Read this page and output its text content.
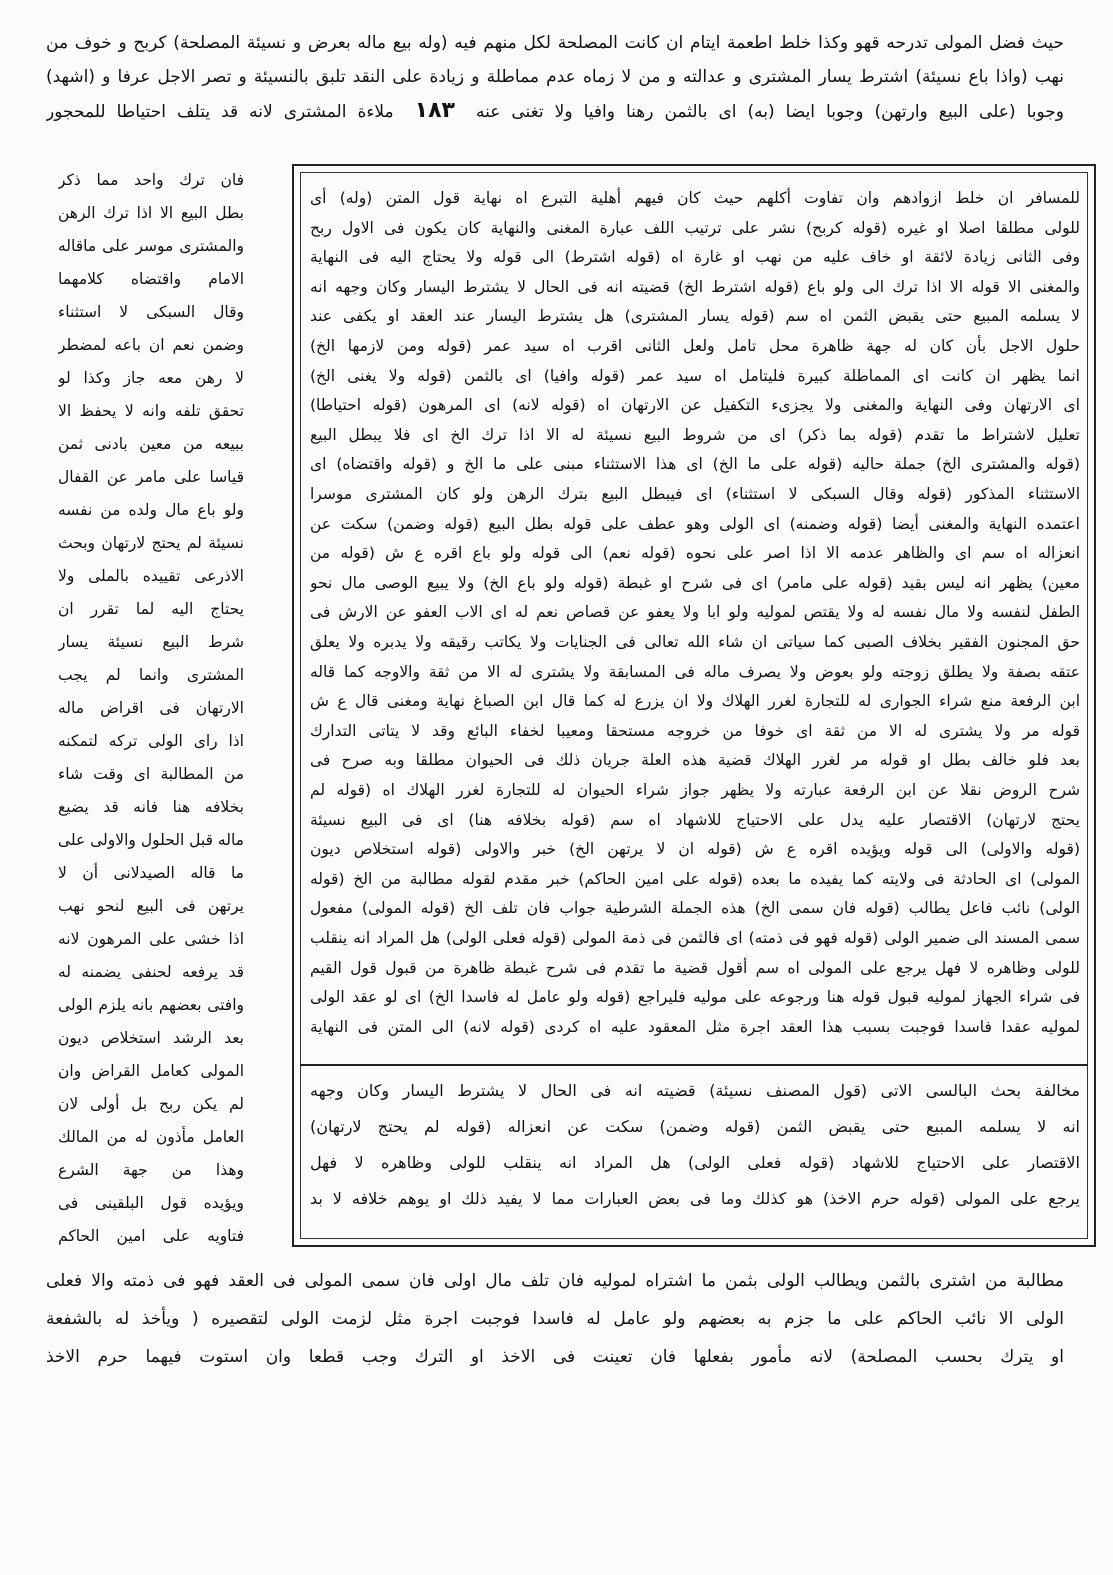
حيث فضل المولى تدرحه قهو وكذا خلط اطعمة ايتام ان كانت المصلحة لكل منهم فيه (وله بيع ماله بعرض و نسيئة المصلحة) كربح و خوف من
نهب (واذا باع نسيئة) اشترط يسار المشترى و عدالته و من لا زماه عدم مماطلة و زيادة على النقد تلبق بالنسيئة و تصر الاجل عرفا و (اشهد)
وجوبا (على البيع وارتهن) وجوبا ايضا (به) اى بالثمن رهنا وافيا ولا تغنى عنه ١٨٣ ملاءة المشترى لانه قد يتلف احتياطا للمحجور
فان ترك واحد مما ذكر
بطل البيع الا اذا ترك الرهن
والمشترى موسر على ماقاله
الامام واقتضاه كلامهما
وقال السبكى لا استثناء
وضمن نعم ان باعه لمضطر
لا رهن معه جاز وكذا لو
تحقق تلفه وانه لا يحفظ الا
ببيعه من معين بادنى ثمن
قياسا على مامر عن القفال
ولو باع مال ولده من نفسه
نسيئة لم يحتج لارتهان وبحث
الاذرعى تقييده بالملى ولا
يحتاج اليه لما تقرر ان
شرط البيع نسيئة يسار
المشترى وانما لم يجب
الارتهان فى اقراض ماله
اذا راى الولى تركه لتمكنه
من المطالبة اى وقت شاء
بخلافه هنا فانه قد يضيع
ماله قبل الحلول والاولى على
ما قاله الصيدلانى أن لا
يرتهن فى البيع لنحو نهب
اذا خشى على المرهون لانه
قد يرفعه لحنفى يضمنه له
وافتى بعضهم بانه يلزم الولى
بعد الرشد استخلاص ديون
المولى كعامل القراض وان
لم يكن ربح بل أولى لان
العامل مأذون له من المالك
وهذا من جهة الشرع
ويؤيده قول البلقينى فى
فتاويه على امين الحاكم
للمسافر ان خلط ازوادهم وان تفاوت أكلهم حيث كان فيهم أهلية التبرع اه نهاية قول المتن (وله) أى
للولى مطلقا اصلا او غيره (قوله كربح) نشر على ترتيب اللف عبارة المغنى والنهاية كان يكون فى الاول ربح
وفى الثانى زيادة لائقة او خاف عليه من نهب او غارة اه (قوله اشترط) الى قوله ولا يحتاج اليه فى النهاية
والمغنى الا قوله الا اذا ترك الى ولو باع (قوله اشترط الخ) قضيته انه فى الحال لا يشترط اليسار وكان وجهه انه
لا يسلمه المبيع حتى يقبض الثمن اه سم (قوله يسار المشترى) هل يشترط اليسار عند العقد او يكفى عند
حلول الاجل بأن كان له جهة ظاهرة محل تامل ولعل الثانى اقرب اه سيد عمر (قوله ومن لازمها الخ)
انما يظهر ان كانت اى المماطلة كبيرة فليتامل اه سيد عمر (قوله وافيا) اى بالثمن (قوله ولا يغنى الخ)
اى الارتهان وفى النهاية والمغنى ولا يجزىء التكفيل عن الارتهان اه (قوله لانه) اى المرهون (قوله احتياطا)
تعليل لاشتراط ما تقدم (قوله بما ذكر) اى من شروط البيع نسيئة له الا اذا ترك الخ اى فلا يبطل البيع
(قوله والمشترى الخ) جملة حاليه (قوله على ما الخ) اى هذا الاستثناء مبنى على ما الخ و (قوله واقتضاه) اى
الاستثناء المذكور (قوله وقال السبكى لا استثناء) اى فيبطل البيع بترك الرهن ولو كان المشترى موسرا
اعتمده النهاية والمغنى أيضا (قوله وضمنه) اى الولى وهو عطف على قوله بطل البيع (قوله وضمن) سكت عن
انعزاله اه سم اى والظاهر عدمه الا اذا اصر على نحوه (قوله نعم) الى قوله ولو باع اقره ع ش (قوله من
معين) يظهر انه ليس بقيد (قوله على مامر) اى فى شرح او غبطة (قوله ولو باع الخ) ولا يبيع الوصى مال نحو
الطفل لنفسه ولا مال نفسه له ولا يقتص لموليه ولو ابا ولا يعفو عن قصاص نعم له اى الاب العفو عن الارش فى
حق المجنون الفقير بخلاف الصبى كما سياتى ان شاء الله تعالى فى الجنايات ولا يكاتب رقيقه ولا يدبره ولا يعلق
عتقه بصفة ولا يطلق زوجته ولو بعوض ولا يصرف ماله فى المسابقة ولا يشترى له الا من ثقة والاوجه كما قاله
ابن الرفعة منع شراء الجوارى له للتجارة لغرر الهلاك ولا ان يزرع له كما قال ابن الصباغ نهاية ومغنى قال ع ش
قوله مر ولا يشترى له الا من ثقة اى خوفا من خروجه مستحقا ومعيبا لخفاء البائع وقد لا يتاتى التدارك
بعد فلو خالف بطل او قوله مر لغرر الهلاك قضية هذه العلة جريان ذلك فى الحيوان مطلقا وبه صرح فى
شرح الروض نقلا عن ابن الرفعة عبارته ولا يظهر جواز شراء الحيوان له للتجارة لغرر الهلاك اه (قوله لم
يحتج لارتهان) الاقتصار عليه يدل على الاحتياج للاشهاد اه سم (قوله بخلافه هنا) اى فى البيع نسيئة
(قوله والاولى) الى قوله ويؤيده اقره ع ش (قوله ان لا يرتهن الخ) خبر والاولى (قوله استخلاص ديون
المولى) اى الحادثة فى ولايته كما يفيده ما بعده (قوله على امين الحاكم) خبر مقدم لقوله مطالبة من الخ (قوله
الولى) نائب فاعل يطالب (قوله فان سمى الخ) هذه الجملة الشرطية جواب فان تلف الخ (قوله المولى) مفعول
سمى المسند الى ضمير الولى (قوله فهو فى ذمته) اى فالثمن فى ذمة المولى (قوله فعلى الولى) هل المراد انه ينقلب
للولى وظاهره لا فهل يرجع على المولى اه سم أقول قضية ما تقدم فى شرح غبطة ظاهرة من قبول قول القيم
فى شراء الجهاز لموليه قبول قوله هنا ورجوعه على موليه فليراجع (قوله ولو عامل له فاسدا الخ) اى لو عقد الولى
لموليه عقدا فاسدا فوجبت بسبب هذا العقد اجرة مثل المعقود عليه اه كردى (قوله لانه) الى المتن فى النهاية
مخالفة بحث البالسى الاتى (قول المصنف نسيئة) قضيته انه فى الحال لا يشترط اليسار وكان وجهه
انه لا يسلمه المبيع حتى يقبض الثمن (قوله وضمن) سكت عن انعزاله (قوله لم يحتج لارتهان)
الاقتصار على الاحتياج للاشهاد (قوله فعلى الولى) هل المراد انه ينقلب للولى وظاهره لا فهل
يرجع على المولى (قوله حرم الاخذ) هو كذلك وما فى بعض العبارات مما لا يفيد ذلك او يوهم خلافه لا بد
مطالبة من اشترى بالثمن ويطالب الولى بثمن ما اشتراه لموليه فان تلف مال اولى فان سمى المولى فى العقد فهو فى ذمته والا فعلى
الولى الا نائب الحاكم على ما جزم به بعضهم ولو عامل له فاسدا فوجبت اجرة مثل لزمت الولى لتقصيره ( ويأخذ له بالشفعة
او يترك بحسب المصلحة) لانه مأمور بفعلها فان تعينت فى الاخذ او الترك وجب قطعا وان استوت فيهما حرم الاخذ
